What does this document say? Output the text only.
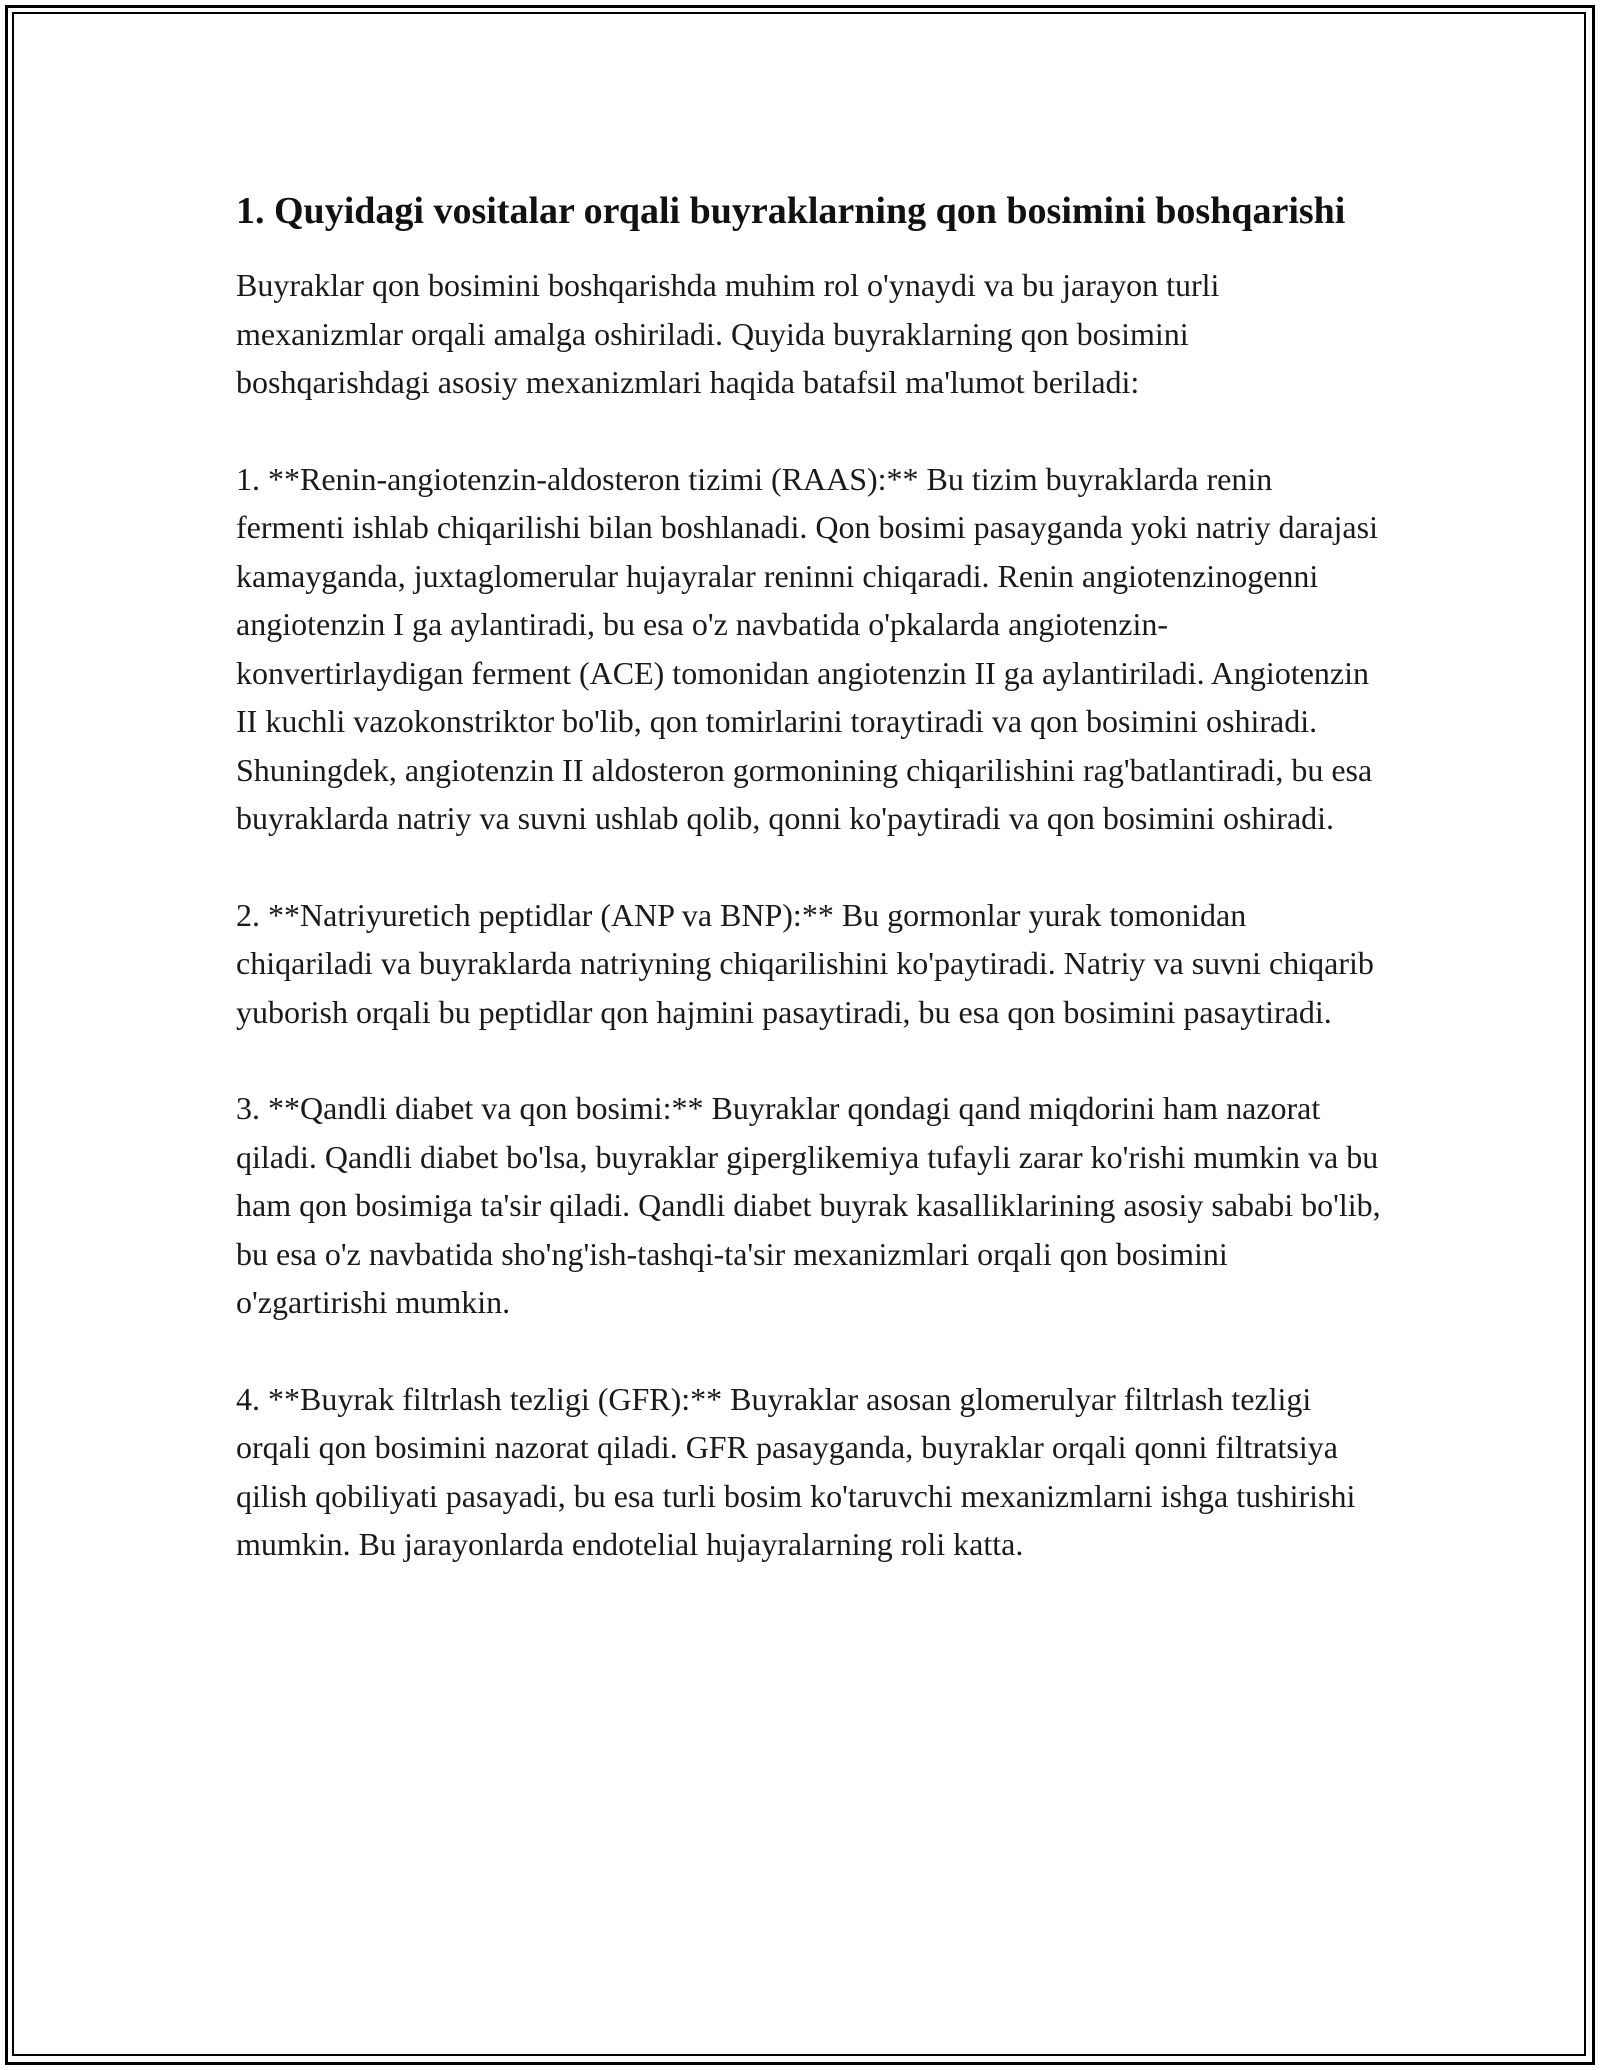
1. Quyidagi vositalar orqali buyraklarning qon bosimini boshqarishi

Buyraklar qon bosimini boshqarishda muhim rol o'ynaydi va bu jarayon turli mexanizmlar orqali amalga oshiriladi. Quyida buyraklarning qon bosimini boshqarishdagi asosiy mexanizmlari haqida batafsil ma'lumot beriladi:

1. **Renin-angiotenzin-aldosteron tizimi (RAAS):** Bu tizim buyraklarda renin fermenti ishlab chiqarilishi bilan boshlanadi. Qon bosimi pasayganda yoki natriy darajasi kamayganda, juxtaglomerular hujayralar reninni chiqaradi. Renin angiotenzinogenni angiotenzin I ga aylantiradi, bu esa o'z navbatida o'pkalarda angiotenzin-konvertirlaydigan ferment (ACE) tomonidan angiotenzin II ga aylantiriladi. Angiotenzin II kuchli vazokonstriktor bo'lib, qon tomirlarini toraytiradi va qon bosimini oshiradi. Shuningdek, angiotenzin II aldosteron gormonining chiqarilishini rag'batlantiradi, bu esa buyraklarda natriy va suvni ushlab qolib, qonni ko'paytiradi va qon bosimini oshiradi.

2. **Natriyuretich peptidlar (ANP va BNP):** Bu gormonlar yurak tomonidan chiqariladi va buyraklarda natriyning chiqarilishini ko'paytiradi. Natriy va suvni chiqarib yuborish orqali bu peptidlar qon hajmini pasaytiradi, bu esa qon bosimini pasaytiradi.

3. **Qandli diabet va qon bosimi:** Buyraklar qondagi qand miqdorini ham nazorat qiladi. Qandli diabet bo'lsa, buyraklar giperglikemiya tufayli zarar ko'rishi mumkin va bu ham qon bosimiga ta'sir qiladi. Qandli diabet buyrak kasalliklarining asosiy sababi bo'lib, bu esa o'z navbatida sho'ng'ish-tashqi-ta'sir mexanizmlari orqali qon bosimini o'zgartirishi mumkin.

4. **Buyrak filtrlash tezligi (GFR):** Buyraklar asosan glomerulyar filtrlash tezligi orqali qon bosimini nazorat qiladi. GFR pasayganda, buyraklar orqali qonni filtratsiya qilish qobiliyati pasayadi, bu esa turli bosim ko'taruvchi mexanizmlarni ishga tushirishi mumkin. Bu jarayonlarda endotelial hujayralarning roli katta.
